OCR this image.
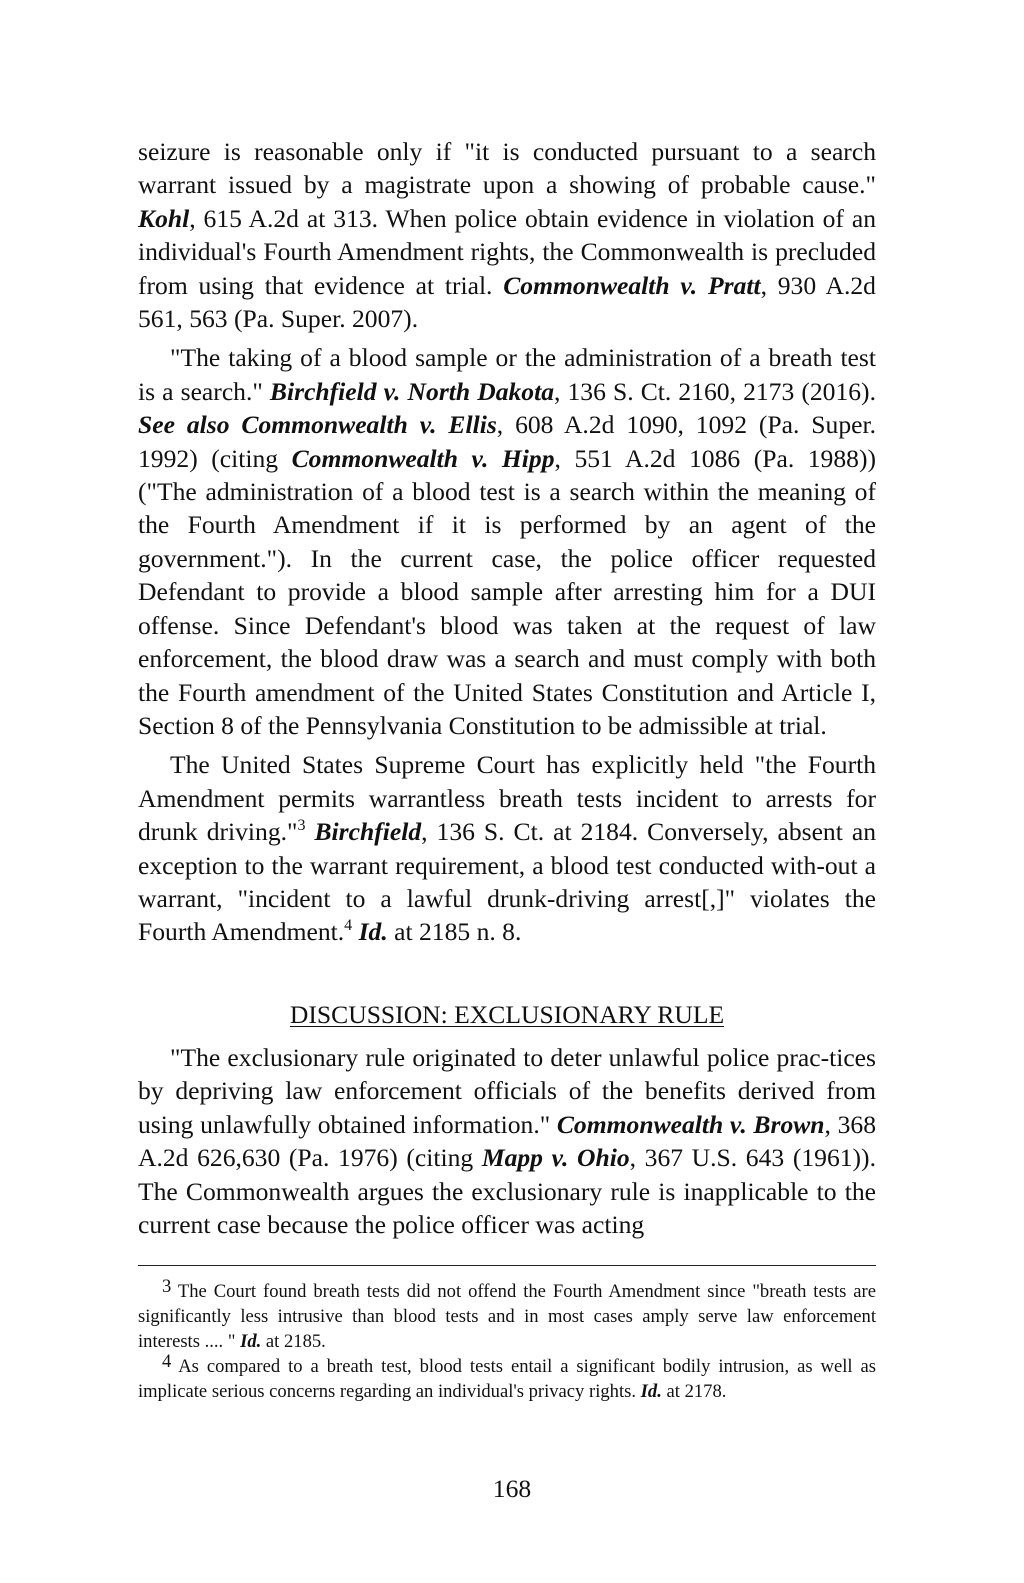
seizure is reasonable only if "it is conducted pursuant to a search warrant issued by a magistrate upon a showing of probable cause." Kohl, 615 A.2d at 313. When police obtain evidence in violation of an individual's Fourth Amendment rights, the Commonwealth is precluded from using that evidence at trial. Commonwealth v. Pratt, 930 A.2d 561, 563 (Pa. Super. 2007).

"The taking of a blood sample or the administration of a breath test is a search." Birchfield v. North Dakota, 136 S. Ct. 2160, 2173 (2016). See also Commonwealth v. Ellis, 608 A.2d 1090, 1092 (Pa. Super. 1992) (citing Commonwealth v. Hipp, 551 A.2d 1086 (Pa. 1988)) ("The administration of a blood test is a search within the meaning of the Fourth Amendment if it is performed by an agent of the government."). In the current case, the police officer requested Defendant to provide a blood sample after arresting him for a DUI offense. Since Defendant's blood was taken at the request of law enforcement, the blood draw was a search and must comply with both the Fourth amendment of the United States Constitution and Article I, Section 8 of the Pennsylvania Constitution to be admissible at trial.

The United States Supreme Court has explicitly held "the Fourth Amendment permits warrantless breath tests incident to arrests for drunk driving."$^3$ Birchfield, 136 S. Ct. at 2184. Conversely, absent an exception to the warrant requirement, a blood test conducted with-out a warrant, "incident to a lawful drunk-driving arrest[,]" violates the Fourth Amendment.$^4$ Id. at 2185 n. 8.

DISCUSSION: EXCLUSIONARY RULE

"The exclusionary rule originated to deter unlawful police prac-tices by depriving law enforcement officials of the benefits derived from using unlawfully obtained information." Commonwealth v. Brown, 368 A.2d 626,630 (Pa. 1976) (citing Mapp v. Ohio, 367 U.S. 643 (1961)). The Commonwealth argues the exclusionary rule is inapplicable to the current case because the police officer was acting

3 The Court found breath tests did not offend the Fourth Amendment since "breath tests are significantly less intrusive than blood tests and in most cases amply serve law enforcement interests .... " Id. at 2185.

4 As compared to a breath test, blood tests entail a significant bodily intrusion, as well as implicate serious concerns regarding an individual's privacy rights. Id. at 2178.

168
